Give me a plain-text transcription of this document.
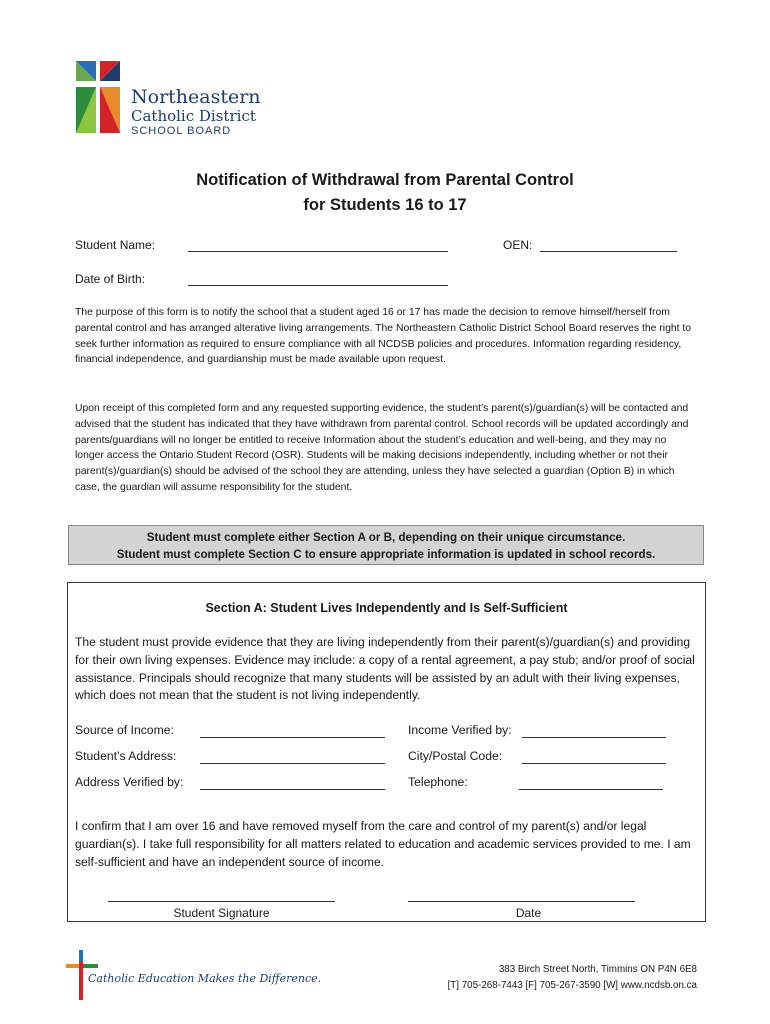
Northeastern
Catholic District
SCHOOL BOARD
Notification of Withdrawal from Parental Control
for Students 16 to 17
Student Name:	OEN:
Date of Birth:
The purpose of this form is to notify the school that a student aged 16 or 17 has made the decision to remove himself/herself from parental control and has arranged alterative living arrangements. The Northeastern Catholic District School Board reserves the right to seek further information as required to ensure compliance with all NCDSB policies and procedures. Information regarding residency, financial independence, and guardianship must be made available upon request.
Upon receipt of this completed form and any requested supporting evidence, the student’s parent(s)/guardian(s) will be contacted and advised that the student has indicated that they have withdrawn from parental control. School records will be updated accordingly and parents/guardians will no longer be entitled to receive Information about the student’s education and well-being, and they may no longer access the Ontario Student Record (OSR). Students will be making decisions independently, including whether or not their parent(s)/guardian(s) should be advised of the school they are attending, unless they have selected a guardian (Option B) in which case, the guardian will assume responsibility for the student.
Student must complete either Section A or B, depending on their unique circumstance.
Student must complete Section C to ensure appropriate information is updated in school records.
Section A: Student Lives Independently and Is Self-Sufficient
The student must provide evidence that they are living independently from their parent(s)/guardian(s) and providing for their own living expenses. Evidence may include: a copy of a rental agreement, a pay stub; and/or proof of social assistance. Principals should recognize that many students will be assisted by an adult with their living expenses, which does not mean that the student is not living independently.
Source of Income:	Income Verified by:
Student’s Address:	City/Postal Code:
Address Verified by:	Telephone:
I confirm that I am over 16 and have removed myself from the care and control of my parent(s) and/or legal guardian(s). I take full responsibility for all matters related to education and academic services provided to me. I am self-sufficient and have an independent source of income.
Student Signature	Date
Catholic Education Makes the Difference.
383 Birch Street North, Timmins ON P4N 6E8
[T] 705-268-7443 [F] 705-267-3590 [W] www.ncdsb.on.ca
